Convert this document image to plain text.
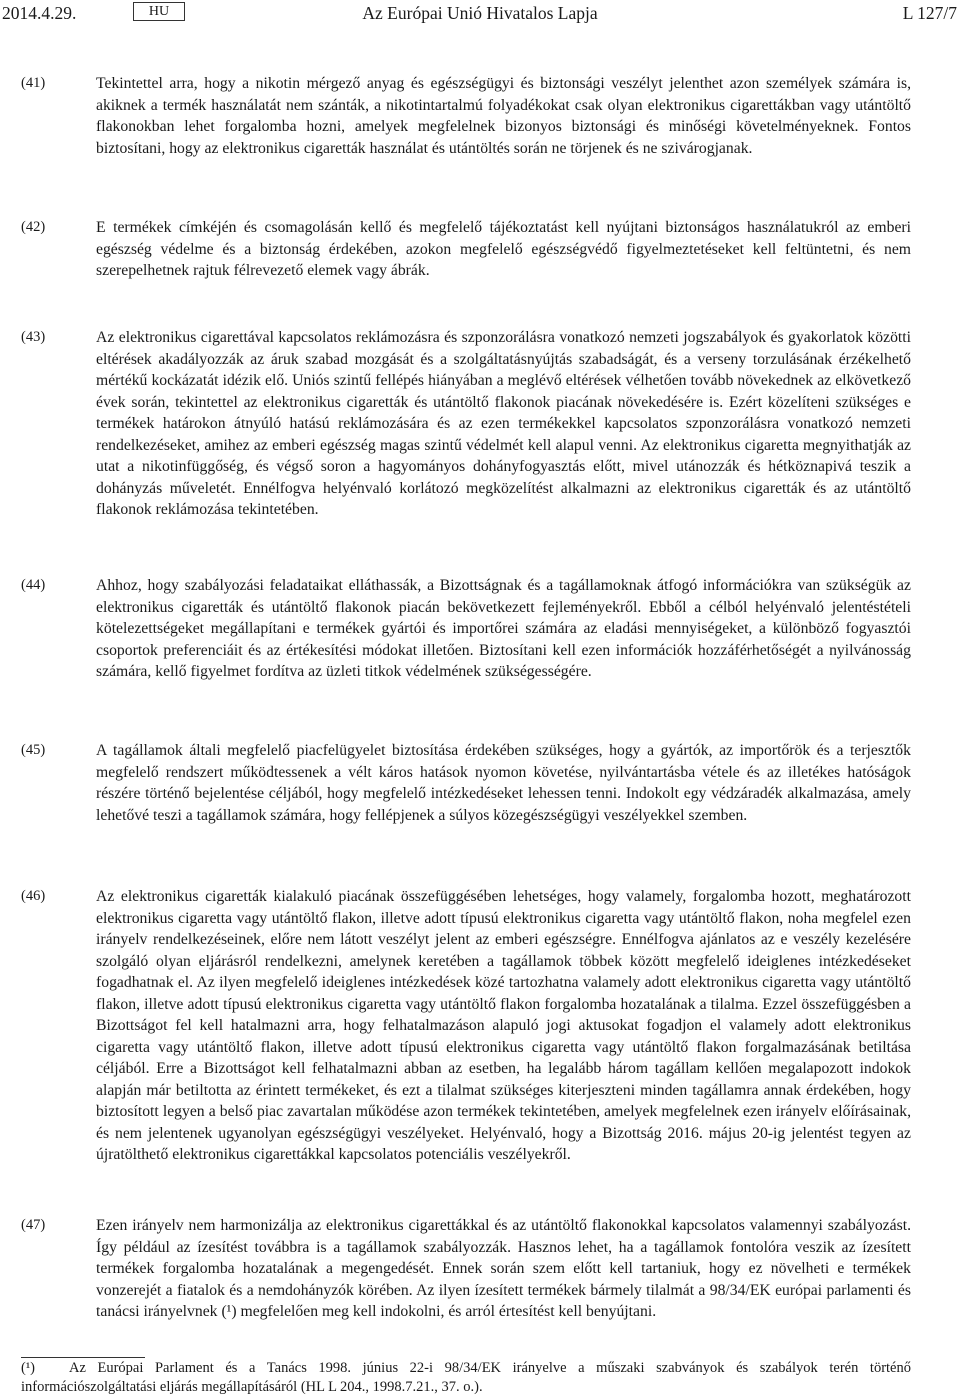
2014.4.29.	HU	Az Európai Unió Hivatalos Lapja	L 127/7
(41)	Tekintettel arra, hogy a nikotin mérgező anyag és egészségügyi és biztonsági veszélyt jelenthet azon személyek számára is, akiknek a termék használatát nem szánták, a nikotintartalmú folyadékokat csak olyan elektronikus cigarettákban vagy utántöltő flakonokban lehet forgalomba hozni, amelyek megfelelnek bizonyos biztonsági és minőségi követelményeknek. Fontos biztosítani, hogy az elektronikus cigaretták használat és utántöltés során ne törjenek és ne szivárogjanak.
(42)	E termékek címkéjén és csomagolásán kellő és megfelelő tájékoztatást kell nyújtani biztonságos használatukról az emberi egészség védelme és a biztonság érdekében, azokon megfelelő egészségvédő figyelmeztetéseket kell feltüntetni, és nem szerepelhetnek rajtuk félrevezető elemek vagy ábrák.
(43)	Az elektronikus cigarettával kapcsolatos reklámozásra és szponzorálásra vonatkozó nemzeti jogszabályok és gyakorlatok közötti eltérések akadályozzák az áruk szabad mozgását és a szolgáltatásnyújtás szabadságát, és a verseny torzulásának érzékelhető mértékű kockázatát idézik elő. Uniós szintű fellépés hiányában a meglévő eltérések vélhetően tovább növekednek az elkövetkező évek során, tekintettel az elektronikus cigaretták és utántöltő flakonok piacának növekedésére is. Ezért közelíteni szükséges e termékek határokon átnyúló hatású reklámozására és az ezen termékekkel kapcsolatos szponzorálásra vonatkozó nemzeti rendelkezéseket, amihez az emberi egészség magas szintű védelmét kell alapul venni. Az elektronikus cigaretta megnyithatják az utat a nikotinfüggőség, és végső soron a hagyományos dohányfogyasztás előtt, mivel utánozzák és hétköznapivá teszik a dohányzás műveletét. Ennélfogva helyénvaló korlátozó megközelítést alkalmazni az elektronikus cigaretták és az utántöltő flakonok reklámozása tekintetében.
(44)	Ahhoz, hogy szabályozási feladataikat elláthassák, a Bizottságnak és a tagállamoknak átfogó információkra van szükségük az elektronikus cigaretták és utántöltő flakonok piacán bekövetkezett fejleményekről. Ebből a célból helyénvaló jelentéstételi kötelezettségeket megállapítani e termékek gyártói és importőrei számára az eladási mennyiségeket, a különböző fogyasztói csoportok preferenciáit és az értékesítési módokat illetően. Biztosítani kell ezen információk hozzáférhetőségét a nyilvánosság számára, kellő figyelmet fordítva az üzleti titkok védelmének szükségességére.
(45)	A tagállamok általi megfelelő piacfelügyelet biztosítása érdekében szükséges, hogy a gyártók, az importőrök és a terjesztők megfelelő rendszert működtessenek a vélt káros hatások nyomon követése, nyilvántartásba vétele és az illetékes hatóságok részére történő bejelentése céljából, hogy megfelelő intézkedéseket lehessen tenni. Indokolt egy védzáradék alkalmazása, amely lehetővé teszi a tagállamok számára, hogy fellépjenek a súlyos közegészségügyi veszélyekkel szemben.
(46)	Az elektronikus cigaretták kialakuló piacának összefüggésében lehetséges, hogy valamely, forgalomba hozott, meghatározott elektronikus cigaretta vagy utántöltő flakon, illetve adott típusú elektronikus cigaretta vagy utántöltő flakon, noha megfelel ezen irányelv rendelkezéseinek, előre nem látott veszélyt jelent az emberi egészségre. Ennélfogva ajánlatos az e veszély kezelésére szolgáló olyan eljárásról rendelkezni, amelynek keretében a tagállamok többek között megfelelő ideiglenes intézkedéseket fogadhatnak el. Az ilyen megfelelő ideiglenes intézkedések közé tartozhatna valamely adott elektronikus cigaretta vagy utántöltő flakon, illetve adott típusú elektronikus cigaretta vagy utántöltő flakon forgalomba hozatalának a tilalma. Ezzel összefüggésben a Bizottságot fel kell hatalmazni arra, hogy felhatalmazáson alapuló jogi aktusokat fogadjon el valamely adott elektronikus cigaretta vagy utántöltő flakon, illetve adott típusú elektronikus cigaretta vagy utántöltő flakon forgalmazásának betiltása céljából. Erre a Bizottságot kell felhatalmazni abban az esetben, ha legalább három tagállam kellően megalapozott indokok alapján már betiltotta az érintett termékeket, és ezt a tilalmat szükséges kiterjeszteni minden tagállamra annak érdekében, hogy biztosított legyen a belső piac zavartalan működése azon termékek tekintetében, amelyek megfelelnek ezen irányelv előírásainak, és nem jelentenek ugyanolyan egészségügyi veszélyeket. Helyénvaló, hogy a Bizottság 2016. május 20-ig jelentést tegyen az újratölthető elektronikus cigarettákkal kapcsolatos potenciális veszélyekről.
(47)	Ezen irányelv nem harmonizálja az elektronikus cigarettákkal és az utántöltő flakonokkal kapcsolatos valamennyi szabályozást. Így például az ízesítést továbbra is a tagállamok szabályozzák. Hasznos lehet, ha a tagállamok fontolóra veszik az ízesített termékek forgalomba hozatalának a megengedését. Ennek során szem előtt kell tartaniuk, hogy ez növelheti e termékek vonzerejét a fiatalok és a nemdohányzók körében. Az ilyen ízesített termékek bármely tilalmát a 98/34/EK európai parlamenti és tanácsi irányelvnek (¹) megfelelően meg kell indokolni, és arról értesítést kell benyújtani.
(¹) Az Európai Parlament és a Tanács 1998. június 22-i 98/34/EK irányelve a műszaki szabványok és szabályok terén történő információszolgáltatási eljárás megállapításáról (HL L 204., 1998.7.21., 37. o.).
